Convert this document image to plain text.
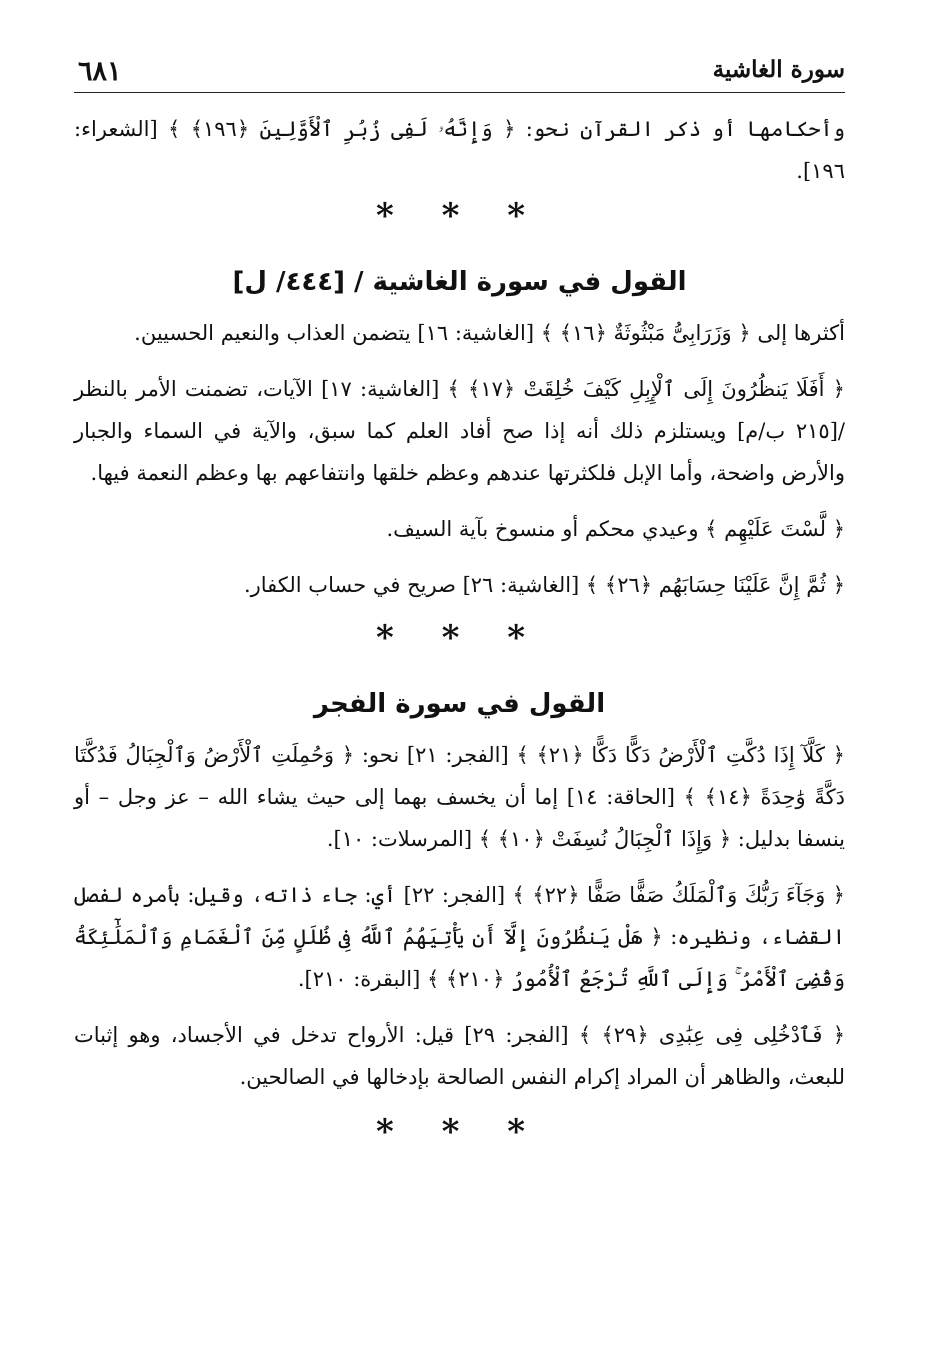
٦٨١	سورة الغاشية

وأحكامها أو ذكر القرآن نحو: ﴿ وَإِنَّهُۥ لَفِى زُبُرِ ٱلْأَوَّلِينَ ﴿١٩٦﴾ ﴾ [الشعراء: ١٩٦].

* * *
القول في سورة الغاشية / [٤٤٤/ ل]

أكثرها إلى ﴿ وَزَرَابِىُّ مَبْثُوثَةٌ ﴿١٦﴾ ﴾ [الغاشية: ١٦] يتضمن العذاب والنعيم الحسيين.

﴿ أَفَلَا يَنظُرُونَ إِلَى ٱلْإِبِلِ كَيْفَ خُلِقَتْ ﴿١٧﴾ ﴾ [الغاشية: ١٧] الآيات، تضمنت الأمر بالنظر /[٢١٥ ب/م] ويستلزم ذلك أنه إذا صح أفاد العلم كما سبق، والآية في السماء والجبار والأرض واضحة، وأما الإبل فلكثرتها عندهم وعظم خلقها وانتفاعهم بها وعظم النعمة فيها.

﴿ لَّسْتَ عَلَيْهِم ﴾ وعيدي محكم أو منسوخ بآية السيف.

﴿ ثُمَّ إِنَّ عَلَيْنَا حِسَابَهُم ﴿٢٦﴾ ﴾ [الغاشية: ٢٦] صريح في حساب الكفار.

* * *
القول في سورة الفجر

﴿ كَلَّآ إِذَا دُكَّتِ ٱلْأَرْضُ دَكًّا دَكًّا ﴿٢١﴾ ﴾ [الفجر: ٢١] نحو: ﴿ وَحُمِلَتِ ٱلْأَرْضُ وَٱلْجِبَالُ فَدُكَّتَا دَكَّةً وَٰحِدَةً ﴿١٤﴾ ﴾ [الحاقة: ١٤] إما أن يخسف بهما إلى حيث يشاء الله – عز وجل – أو ينسفا بدليل: ﴿ وَإِذَا ٱلْجِبَالُ نُسِفَتْ ﴿١٠﴾ ﴾ [المرسلات: ١٠].

﴿ وَجَآءَ رَبُّكَ وَٱلْمَلَكُ صَفًّا صَفًّا ﴿٢٢﴾ ﴾ [الفجر: ٢٢] أي: جاء ذاته، وقيل: بأمره لفصل القضاء، ونظيره: ﴿ هَلْ يَنظُرُونَ إِلَّآ أَن يَأْتِيَهُمُ ٱللَّهُ فِى ظُلَلٍ مِّنَ ٱلْغَمَامِ وَٱلْمَلَٰٓئِكَةُ وَقُضِىَ ٱلْأَمْرُ ۚ وَإِلَى ٱللَّهِ تُرْجَعُ ٱلْأُمُورُ ﴿٢١٠﴾ ﴾ [البقرة: ٢١٠].

﴿ فَٱدْخُلِى فِى عِبَٰدِى ﴿٢٩﴾ ﴾ [الفجر: ٢٩] قيل: الأرواح تدخل في الأجساد، وهو إثبات للبعث، والظاهر أن المراد إكرام النفس الصالحة بإدخالها في الصالحين.

* * *
